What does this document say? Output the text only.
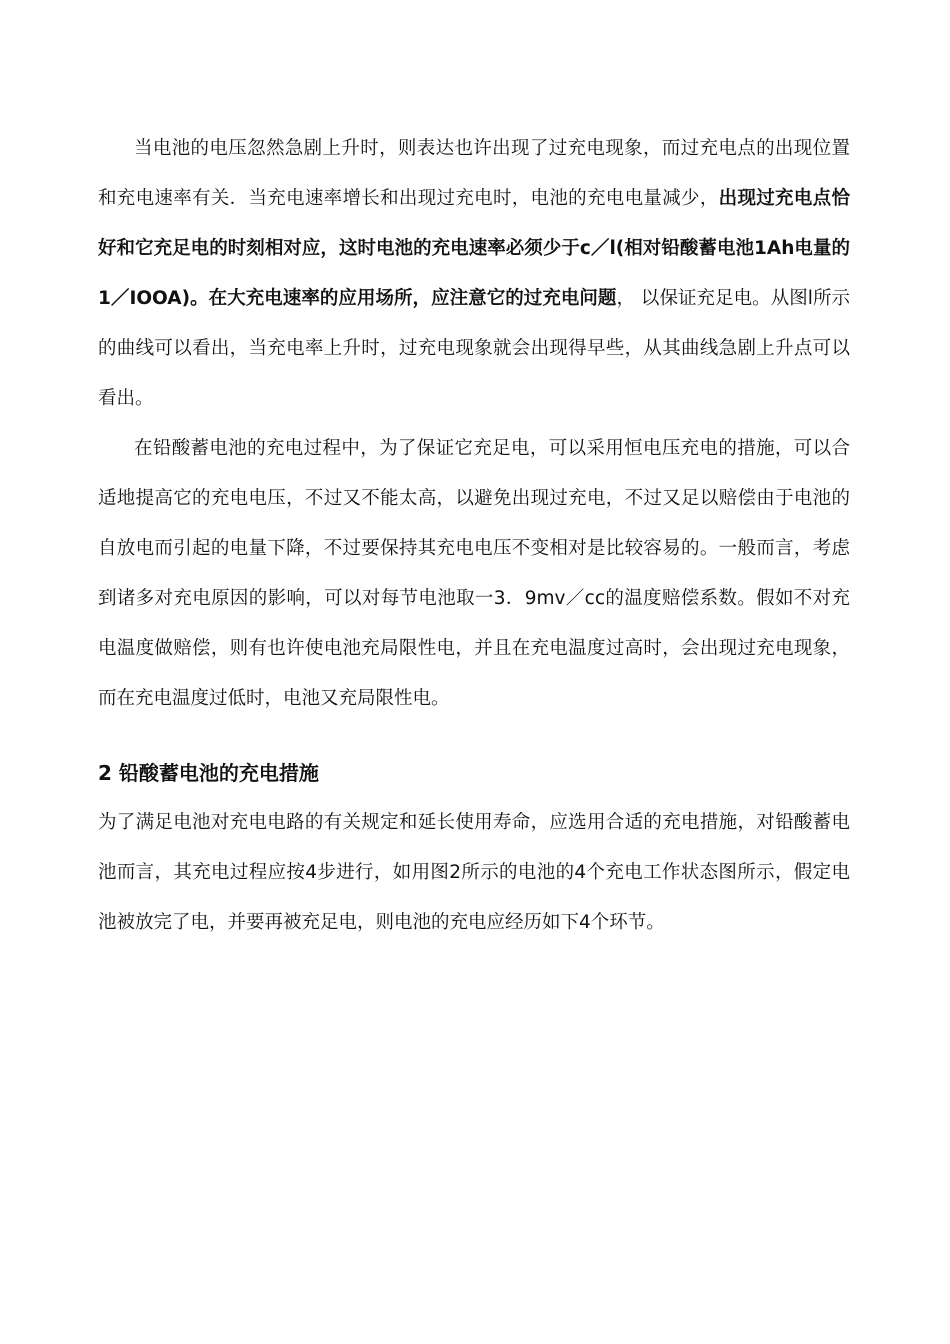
当电池的电压忽然急剧上升时，则表达也许出现了过充电现象，而过充电点的出现位置和充电速率有关．当充电速率增长和出现过充电时，电池的充电电量减少，出现过充电点恰好和它充足电的时刻相对应，这时电池的充电速率必须少于c／l(相对铅酸蓄电池1Ah电量的1／IOOA)。在大充电速率的应用场所，应注意它的过充电问题， 以保证充足电。从图l所示的曲线可以看出，当充电率上升时，过充电现象就会出现得早些，从其曲线急剧上升点可以看出。

在铅酸蓄电池的充电过程中，为了保证它充足电，可以采用恒电压充电的措施，可以合适地提高它的充电电压，不过又不能太高，以避免出现过充电，不过又足以赔偿由于电池的自放电而引起的电量下降，不过要保持其充电电压不变相对是比较容易的。一般而言，考虑到诸多对充电原因的影响，可以对每节电池取一3．9mv／cc的温度赔偿系数。假如不对充电温度做赔偿，则有也许使电池充局限性电，并且在充电温度过高时，会出现过充电现象，而在充电温度过低时，电池又充局限性电。

2 铅酸蓄电池的充电措施

为了满足电池对充电电路的有关规定和延长使用寿命，应选用合适的充电措施，对铅酸蓄电池而言，其充电过程应按4步进行，如用图2所示的电池的4个充电工作状态图所示，假定电池被放完了电，并要再被充足电，则电池的充电应经历如下4个环节。
